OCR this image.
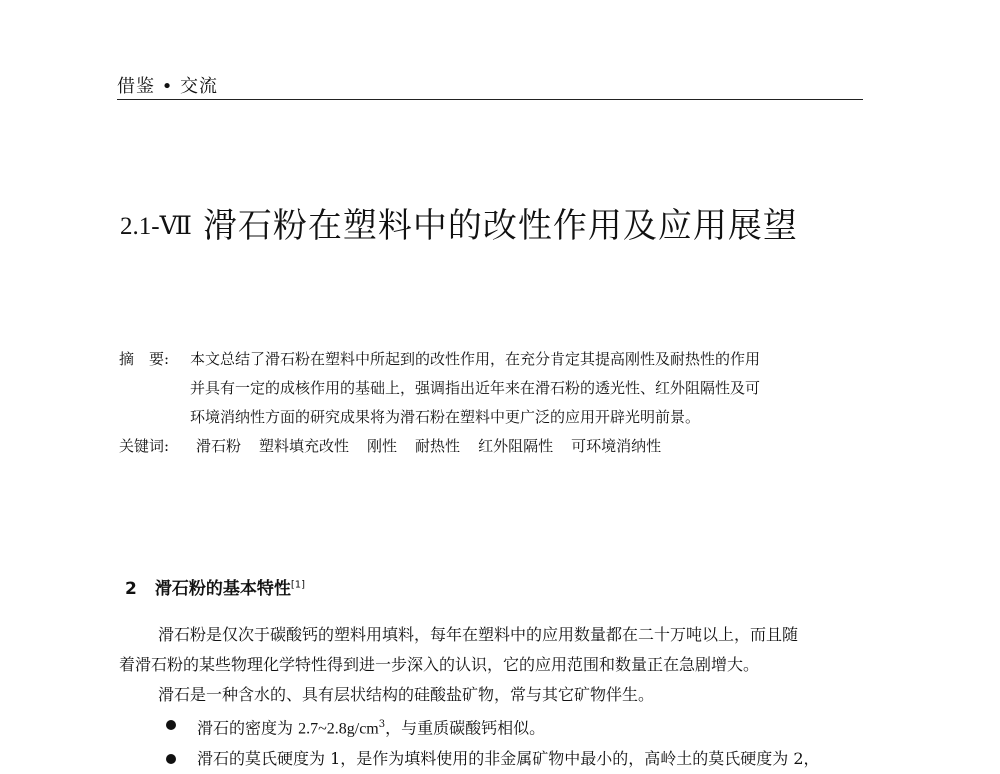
借鉴 • 交流
2.1-Ⅶ 滑石粉在塑料中的改性作用及应用展望
摘　要: 本文总结了滑石粉在塑料中所起到的改性作用，在充分肯定其提高刚性及耐热性的作用
并具有一定的成核作用的基础上，强调指出近年来在滑石粉的透光性、红外阻隔性及可
环境消纳性方面的研究成果将为滑石粉在塑料中更广泛的应用开辟光明前景。
关键词: 滑石粉 塑料填充改性 刚性 耐热性 红外阻隔性 可环境消纳性
2 滑石粉的基本特性[1]
滑石粉是仅次于碳酸钙的塑料用填料，每年在塑料中的应用数量都在二十万吨以上，而且随
着滑石粉的某些物理化学特性得到进一步深入的认识，它的应用范围和数量正在急剧增大。
滑石是一种含水的、具有层状结构的硅酸盐矿物，常与其它矿物伴生。
滑石的密度为 $2.7\sim 2.8g/cm^3$，与重质碳酸钙相似。
滑石的莫氏硬度为 1，是作为填料使用的非金属矿物中最小的，高岭土的莫氏硬度为 2，
